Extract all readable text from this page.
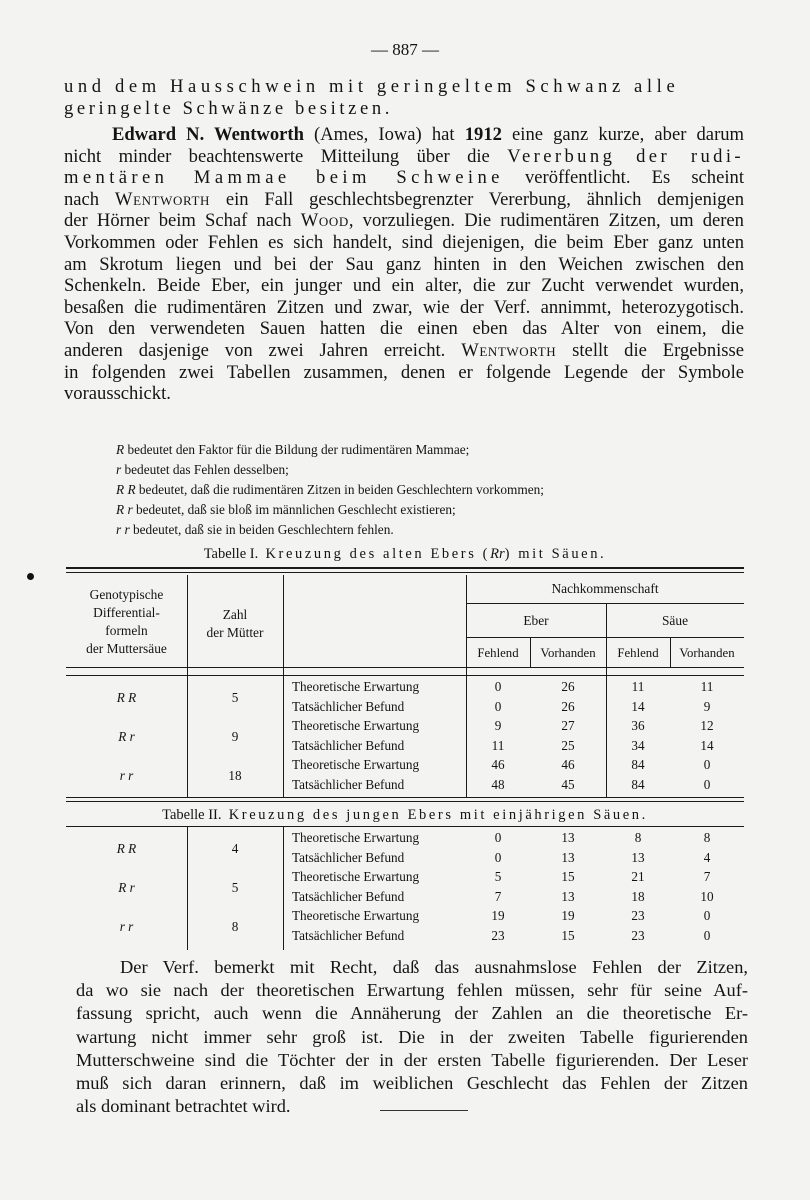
— 887 —
und dem Hausschwein mit geringeltem Schwanz alle
geringelte Schwänze besitzen.
Edward N. Wentworth (Ames, Iowa) hat 1912 eine ganz kurze, aber darum
nicht minder beachtenswerte Mitteilung über die Vererbung der rudi-
mentären Mammae beim Schweine veröffentlicht. Es scheint
nach Wentworth ein Fall geschlechtsbegrenzter Vererbung, ähnlich demjenigen
der Hörner beim Schaf nach Wood, vorzuliegen. Die rudimentären Zitzen, um deren
Vorkommen oder Fehlen es sich handelt, sind diejenigen, die beim Eber ganz unten
am Skrotum liegen und bei der Sau ganz hinten in den Weichen zwischen den
Schenkeln. Beide Eber, ein junger und ein alter, die zur Zucht verwendet wurden,
besaßen die rudimentären Zitzen und zwar, wie der Verf. annimmt, heterozygotisch.
Von den verwendeten Sauen hatten die einen eben das Alter von einem, die
anderen dasjenige von zwei Jahren erreicht. Wentworth stellt die Ergebnisse
in folgenden zwei Tabellen zusammen, denen er folgende Legende der Symbole
vorausschickt.
R bedeutet den Faktor für die Bildung der rudimentären Mammae;
r bedeutet das Fehlen desselben;
R R bedeutet, daß die rudimentären Zitzen in beiden Geschlechtern vorkommen;
R r bedeutet, daß sie bloß im männlichen Geschlecht existieren;
r r bedeutet, daß sie in beiden Geschlechtern fehlen.
Tabelle I. Kreuzung des alten Ebers (Rr) mit Säuen.
Genotypische
Differential-
formeln
der Muttersäue
Zahl
der Mütter
Nachkommenschaft
Eber	Säue
Fehlend	Vorhanden	Fehlend	Vorhanden
R R	5
Theoretische Erwartung	0	26	11	11
Tatsächlicher Befund	0	26	14	9
R r	9
Theoretische Erwartung	9	27	36	12
Tatsächlicher Befund	11	25	34	14
r r	18
Theoretische Erwartung	46	46	84	0
Tatsächlicher Befund	48	45	84	0
Tabelle II. Kreuzung des jungen Ebers mit einjährigen Säuen.
R R	4
Theoretische Erwartung	0	13	8	8
Tatsächlicher Befund	0	13	13	4
R r	5
Theoretische Erwartung	5	15	21	7
Tatsächlicher Befund	7	13	18	10
r r	8
Theoretische Erwartung	19	19	23	0
Tatsächlicher Befund	23	15	23	0
Der Verf. bemerkt mit Recht, daß das ausnahmslose Fehlen der Zitzen,
da wo sie nach der theoretischen Erwartung fehlen müssen, sehr für seine Auf-
fassung spricht, auch wenn die Annäherung der Zahlen an die theoretische Er-
wartung nicht immer sehr groß ist. Die in der zweiten Tabelle figurierenden
Mutterschweine sind die Töchter der in der ersten Tabelle figurierenden. Der Leser
muß sich daran erinnern, daß im weiblichen Geschlecht das Fehlen der Zitzen
als dominant betrachtet wird.
